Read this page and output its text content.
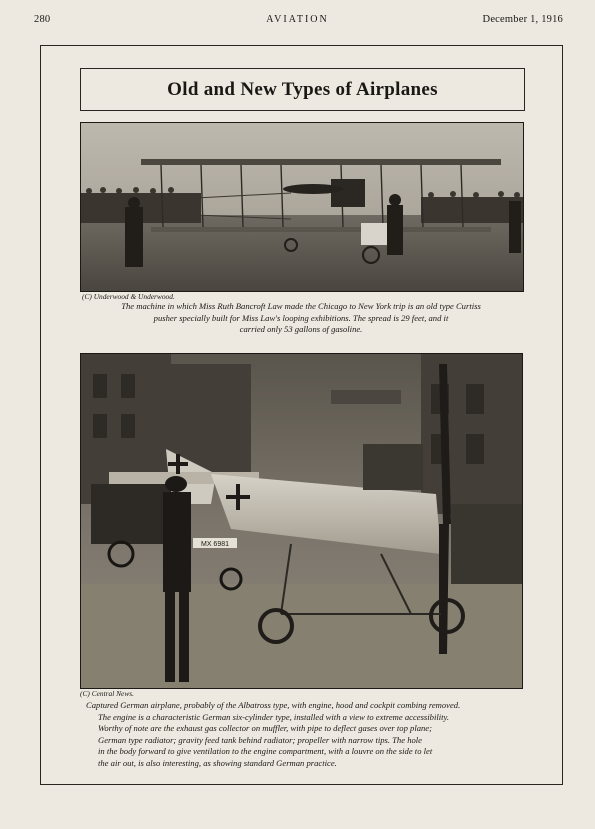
280	AVIATION	December 1, 1916
Old and New Types of Airplanes
(C) Underwood & Underwood.
The machine in which Miss Ruth Bancroft Law made the Chicago to New York trip is an old type Curtiss
pusher specially built for Miss Law's looping exhibitions. The spread is 29 feet, and it
carried only 53 gallons of gasoline.
MX 6981
(C) Central News.
Captured German airplane, probably of the Albatross type, with engine, hood and cockpit combing removed.
The engine is a characteristic German six-cylinder type, installed with a view to extreme accessibility.
Worthy of note are the exhaust gas collector on muffler, with pipe to deflect gases over top plane;
German type radiator; gravity feed tank behind radiator; propeller with narrow tips. The hole
in the body forward to give ventilation to the engine compartment, with a louvre on the side to let
the air out, is also interesting, as showing standard German practice.
